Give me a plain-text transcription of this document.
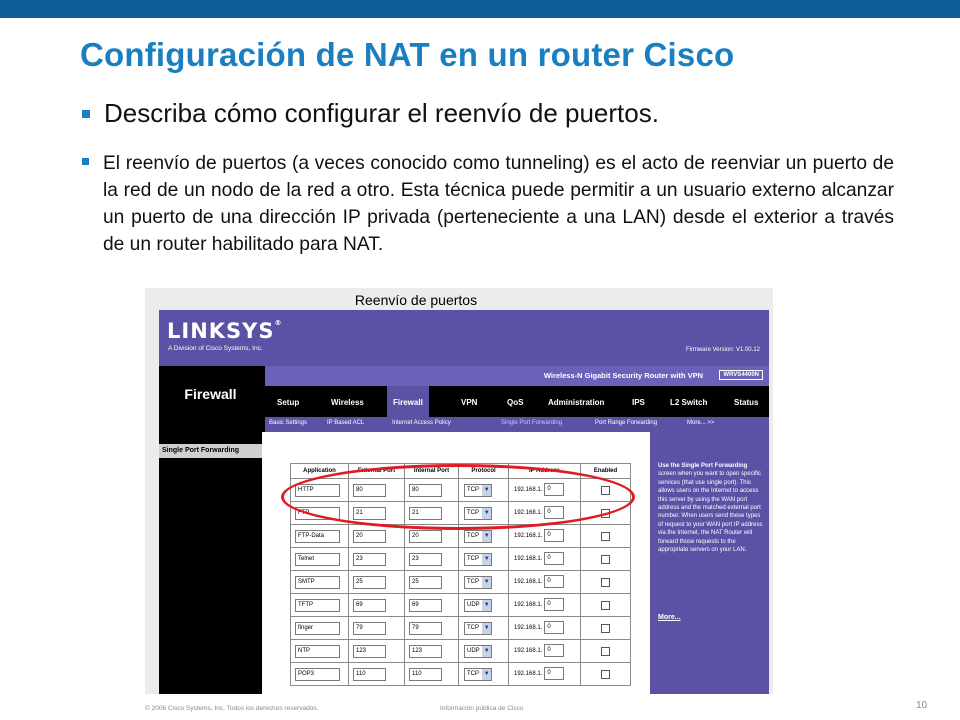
Configuración de NAT en un router Cisco
Describa cómo configurar el reenvío de puertos.
El reenvío de puertos (a veces conocido como tunneling) es el acto de reenviar un puerto de la red de un nodo de la red a otro. Esta técnica puede permitir a un usuario externo alcanzar un puerto de una dirección IP privada (perteneciente a una LAN) desde el exterior a través de un router habilitado para NAT.
Reenvío de puertos
LINKSYS®
A Division of Cisco Systems, Inc.	Firmware Version: V1.00.12
Firewall
Wireless-N Gigabit Security Router with VPN	WRVS4400N
Setup	Wireless	Firewall	VPN	QoS	Administration	IPS	L2 Switch	Status
Basic Settings	IP Based ACL	Internet Access Policy	Single Port Forwarding	Port Range Forwarding	More... >>
Single Port Forwarding
Application	External Port	Internal Port	Protocol	IP Address	Enabled

HTTP	80	80	TCP ▼	192.168.1. 0	

FTP	21	21	TCP ▼	192.168.1. 0	

FTP-Data	20	20	TCP ▼	192.168.1. 0	

Telnet	23	23	TCP ▼	192.168.1. 0	

SMTP	25	25	TCP ▼	192.168.1. 0	

TFTP	69	69	UDP ▼	192.168.1. 0	

finger	79	79	TCP ▼	192.168.1. 0	

NTP	123	123	UDP ▼	192.168.1. 0	

POP3	110	110	TCP ▼	192.168.1. 0	
Use the Single Port Forwarding screen when you want to open specific services (that use single port). This allows users on the Internet to access this server by using the WAN port address and the matched external port number. When users send these types of request to your WAN port IP address via the Internet, the NAT Router will forward those requests to the appropriate servers on your LAN.
More...
© 2006 Cisco Systems, Inc. Todos los derechos reservados.	Información pública de Cisco	10
